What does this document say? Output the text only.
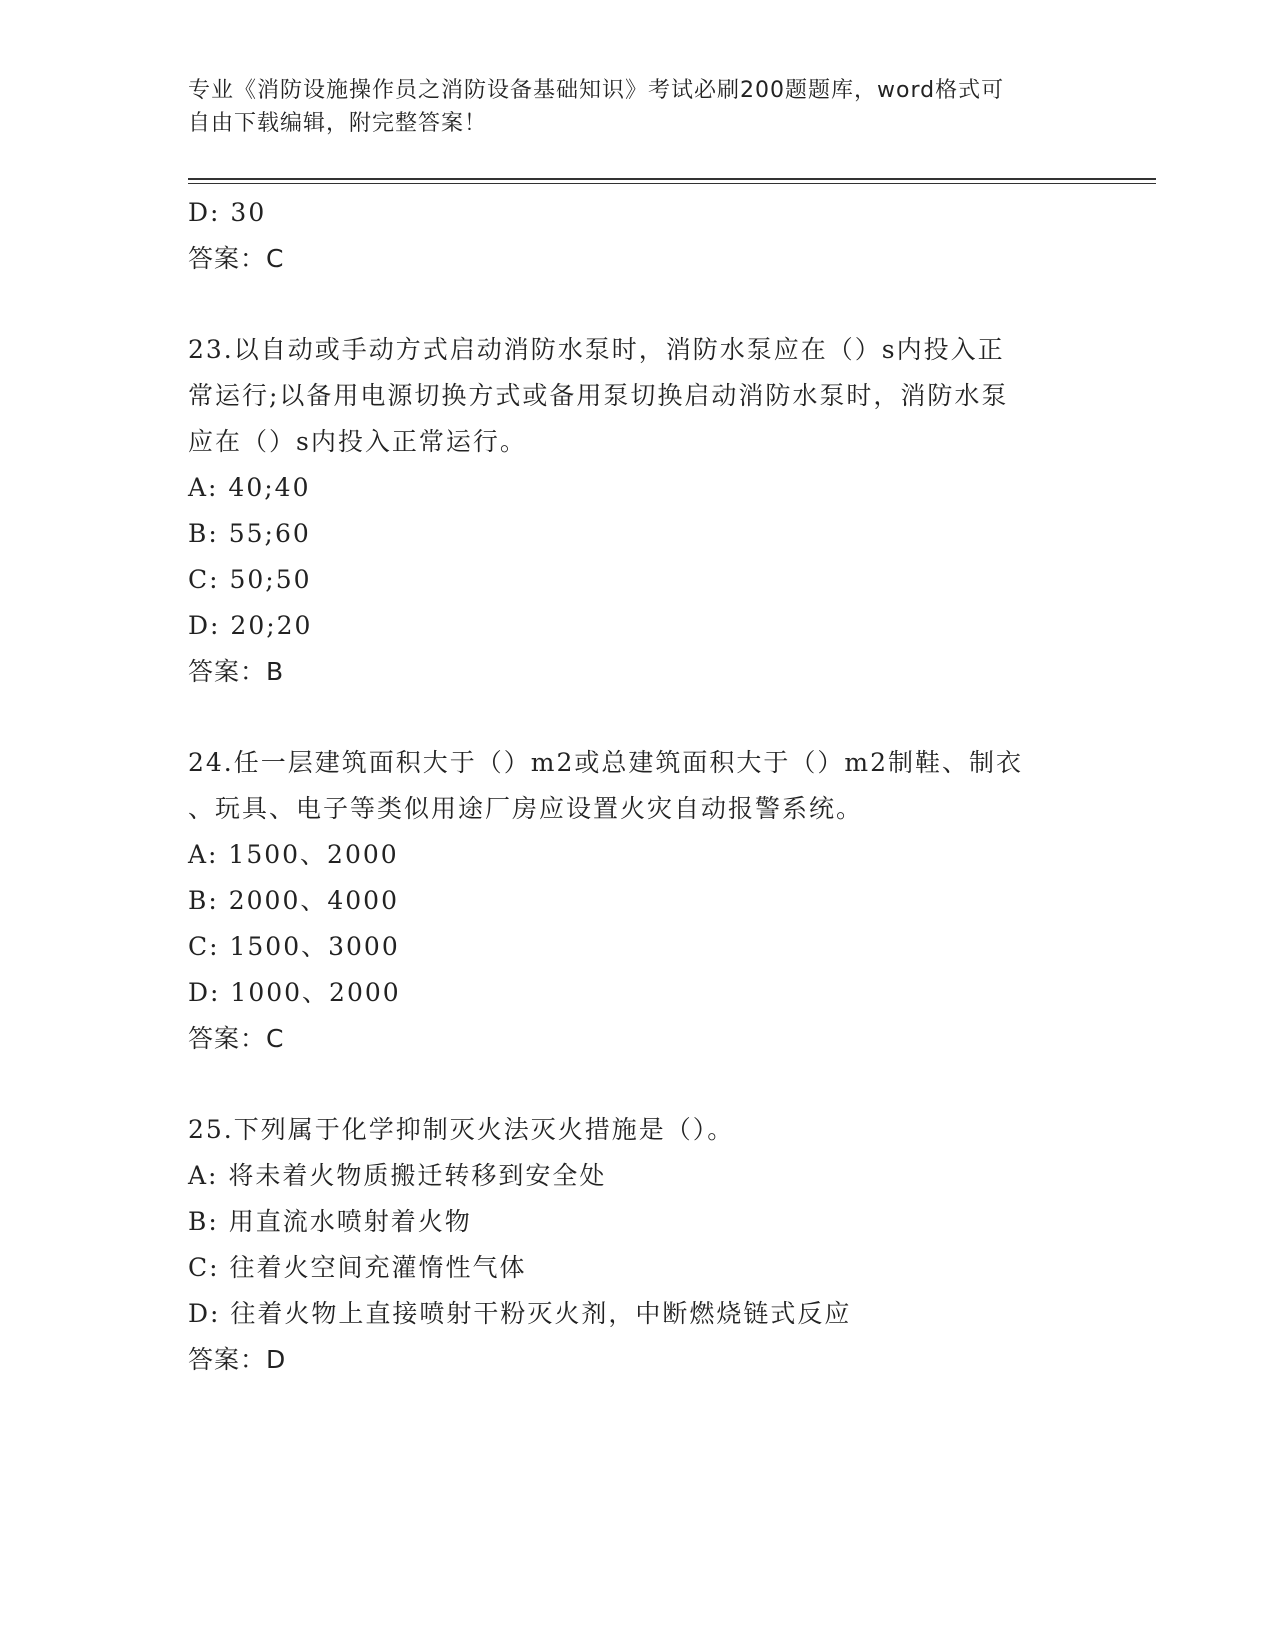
专业《消防设施操作员之消防设备基础知识》考试必刷200题题库，word格式可
自由下载编辑，附完整答案！
D: 30
答案：C
23.以自动或手动方式启动消防水泵时，消防水泵应在（）s内投入正
常运行;以备用电源切换方式或备用泵切换启动消防水泵时，消防水泵
应在（）s内投入正常运行。
A: 40;40
B: 55;60
C: 50;50
D: 20;20
答案：B
24.任一层建筑面积大于（）m2或总建筑面积大于（）m2制鞋、制衣
、玩具、电子等类似用途厂房应设置火灾自动报警系统。
A: 1500、2000
B: 2000、4000
C: 1500、3000
D: 1000、2000
答案：C
25.下列属于化学抑制灭火法灭火措施是（）。
A: 将未着火物质搬迁转移到安全处
B: 用直流水喷射着火物
C: 往着火空间充灌惰性气体
D: 往着火物上直接喷射干粉灭火剂，中断燃烧链式反应
答案：D
